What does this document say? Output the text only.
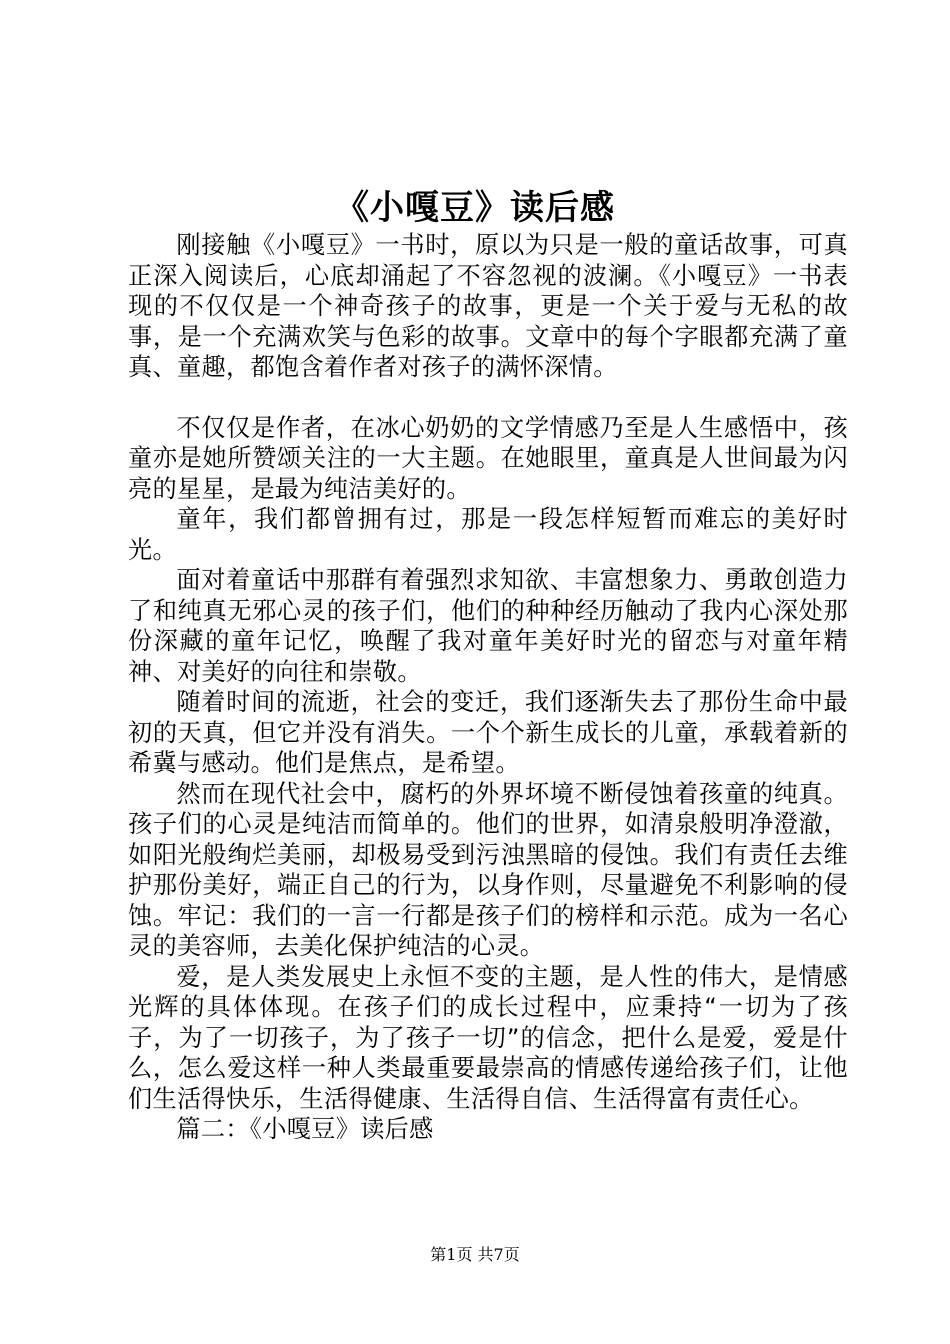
《小嘎豆》读后感

刚接触《小嘎豆》一书时，原以为只是一般的童话故事，可真正深入阅读后，心底却涌起了不容忽视的波澜。《小嘎豆》一书表现的不仅仅是一个神奇孩子的故事，更是一个关于爱与无私的故事，是一个充满欢笑与色彩的故事。文章中的每个字眼都充满了童真、童趣，都饱含着作者对孩子的满怀深情。

不仅仅是作者，在冰心奶奶的文学情感乃至是人生感悟中，孩童亦是她所赞颂关注的一大主题。在她眼里，童真是人世间最为闪亮的星星，是最为纯洁美好的。

童年，我们都曾拥有过，那是一段怎样短暂而难忘的美好时光。

面对着童话中那群有着强烈求知欲、丰富想象力、勇敢创造力了和纯真无邪心灵的孩子们，他们的种种经历触动了我内心深处那份深藏的童年记忆，唤醒了我对童年美好时光的留恋与对童年精神、对美好的向往和崇敬。

随着时间的流逝，社会的变迁，我们逐渐失去了那份生命中最初的天真，但它并没有消失。一个个新生成长的儿童，承载着新的希冀与感动。他们是焦点，是希望。

然而在现代社会中，腐朽的外界坏境不断侵蚀着孩童的纯真。孩子们的心灵是纯洁而简单的。他们的世界，如清泉般明净澄澈，如阳光般绚烂美丽，却极易受到污浊黑暗的侵蚀。我们有责任去维护那份美好，端正自己的行为，以身作则，尽量避免不利影响的侵蚀。牢记：我们的一言一行都是孩子们的榜样和示范。成为一名心灵的美容师，去美化保护纯洁的心灵。

爱，是人类发展史上永恒不变的主题，是人性的伟大，是情感光辉的具体体现。在孩子们的成长过程中，应秉持“一切为了孩子，为了一切孩子，为了孩子一切”的信念，把什么是爱，爱是什么，怎么爱这样一种人类最重要最崇高的情感传递给孩子们，让他们生活得快乐，生活得健康、生活得自信、生活得富有责任心。

篇二：《小嘎豆》读后感

第1页 共7页
